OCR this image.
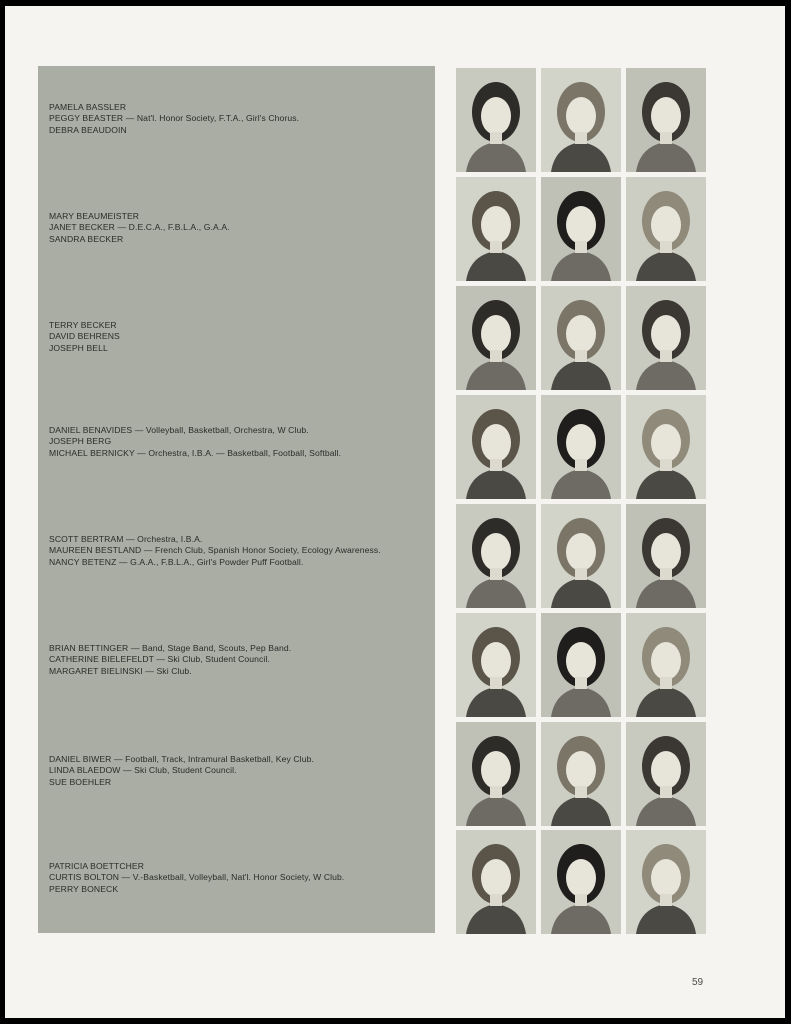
PAMELA BASSLER
PEGGY BEASTER — Nat'l. Honor Society, F.T.A., Girl's Chorus.
DEBRA BEAUDOIN
MARY BEAUMEISTER
JANET BECKER — D.E.C.A., F.B.L.A., G.A.A.
SANDRA BECKER
TERRY BECKER
DAVID BEHRENS
JOSEPH BELL
DANIEL BENAVIDES — Volleyball, Basketball, Orchestra, W Club.
JOSEPH BERG
MICHAEL BERNICKY — Orchestra, I.B.A. — Basketball, Football, Softball.
SCOTT BERTRAM — Orchestra, I.B.A.
MAUREEN BESTLAND — French Club, Spanish Honor Society, Ecology Awareness.
NANCY BETENZ — G.A.A., F.B.L.A., Girl's Powder Puff Football.
BRIAN BETTINGER — Band, Stage Band, Scouts, Pep Band.
CATHERINE BIELEFELDT — Ski Club, Student Council.
MARGARET BIELINSKI — Ski Club.
DANIEL BIWER — Football, Track, Intramural Basketball, Key Club.
LINDA BLAEDOW — Ski Club, Student Council.
SUE BOEHLER
PATRICIA BOETTCHER
CURTIS BOLTON — V.-Basketball, Volleyball, Nat'l. Honor Society, W Club.
PERRY BONECK
59
